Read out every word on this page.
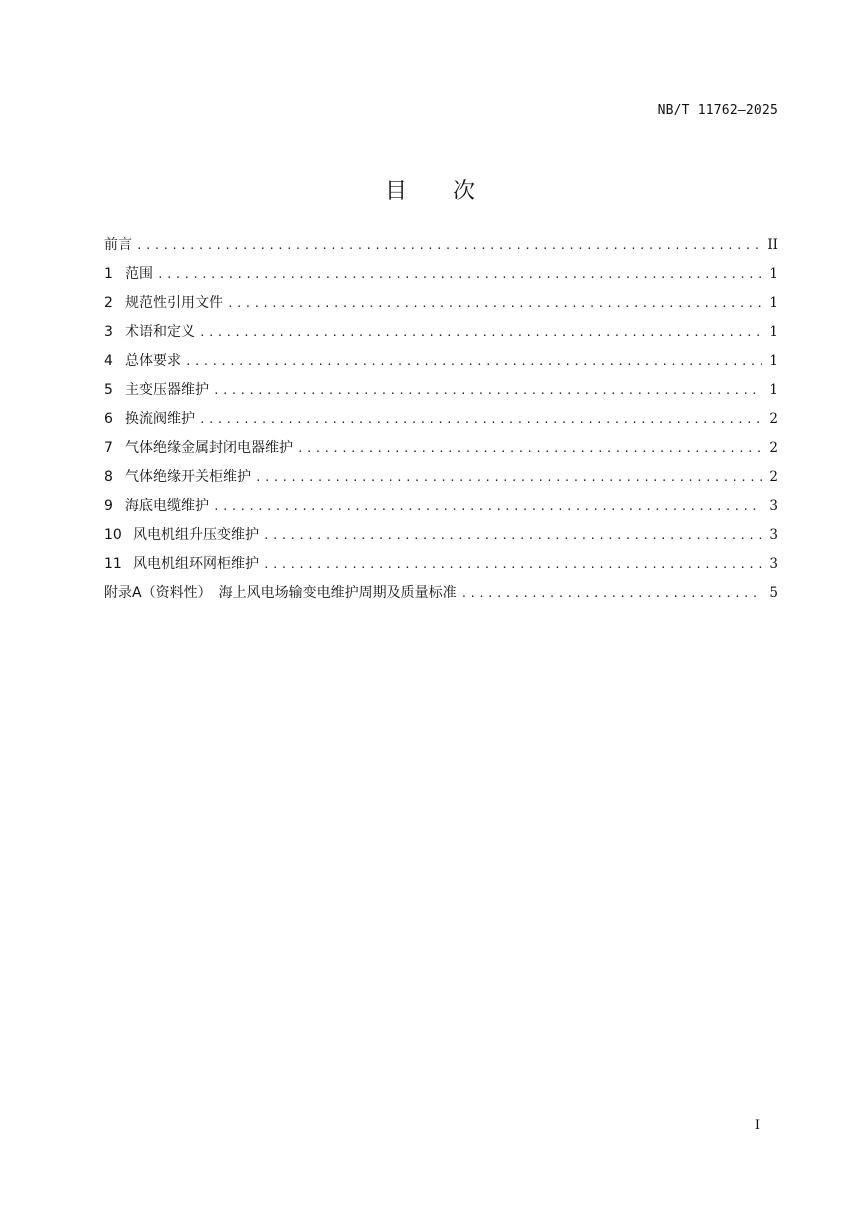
NB/T 11762—2025
目 次
前言 .....	II
1 范围 .....	1
2 规范性引用文件 .....	1
3 术语和定义 .....	1
4 总体要求 .....	1
5 主变压器维护 .....	1
6 换流阀维护 .....	2
7 气体绝缘金属封闭电器维护 .....	2
8 气体绝缘开关柜维护 .....	2
9 海底电缆维护 .....	3
10 风电机组升压变维护 .....	3
11 风电机组环网柜维护 .....	3
附录A（资料性）　海上风电场输变电维护周期及质量标准 .....	5
I
